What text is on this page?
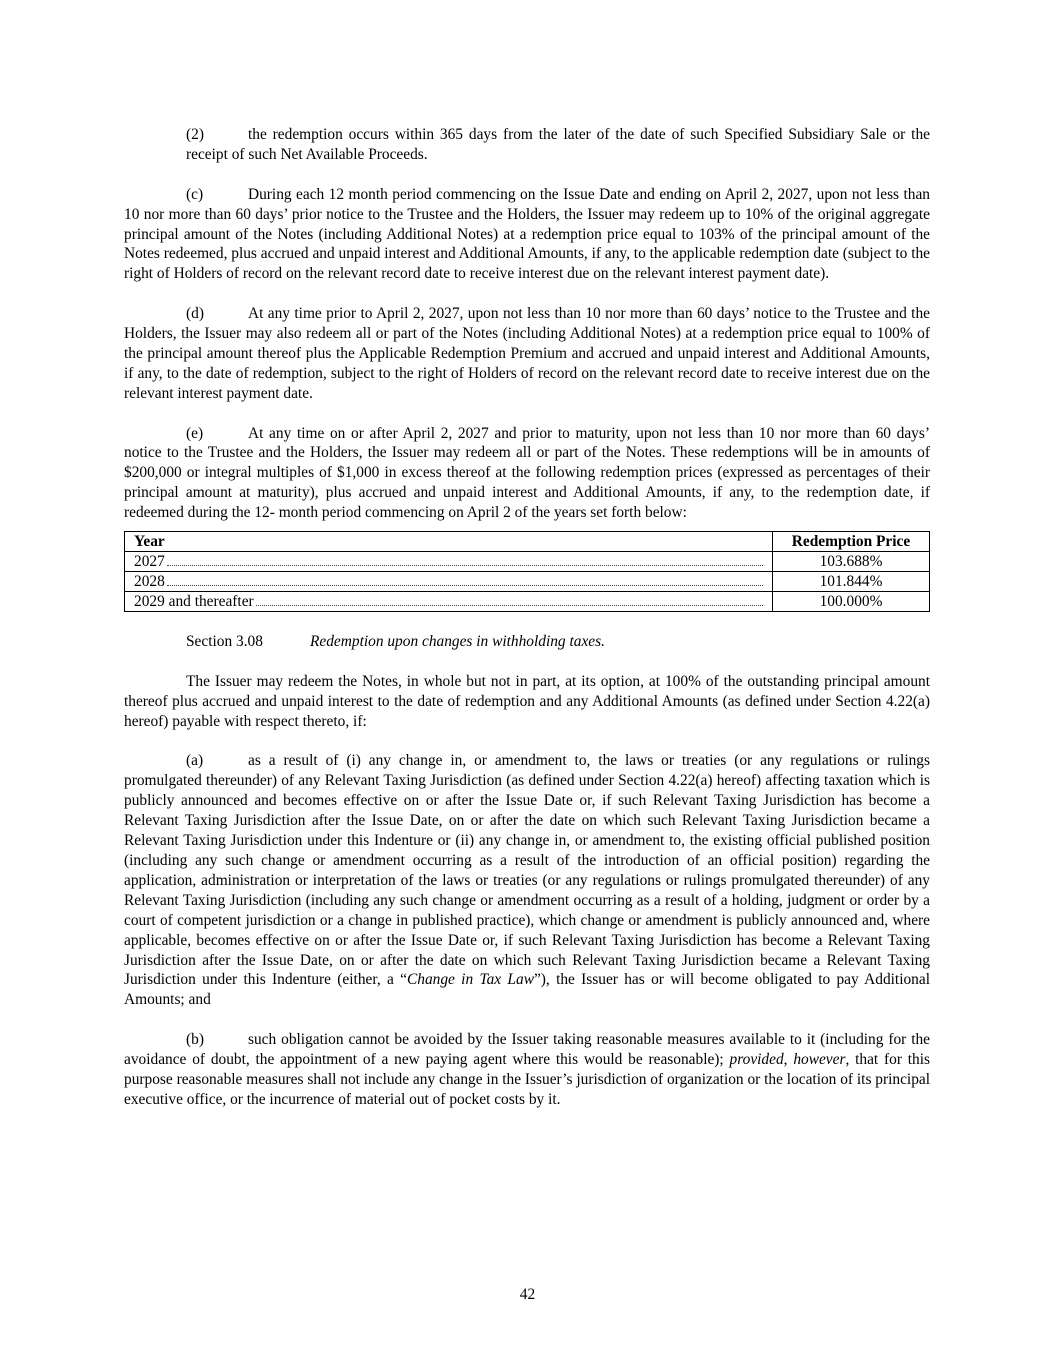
(2)	the redemption occurs within 365 days from the later of the date of such Specified Subsidiary Sale or the receipt of such Net Available Proceeds.

(c)	During each 12 month period commencing on the Issue Date and ending on April 2, 2027, upon not less than 10 nor more than 60 days’ prior notice to the Trustee and the Holders, the Issuer may redeem up to 10% of the original aggregate principal amount of the Notes (including Additional Notes) at a redemption price equal to 103% of the principal amount of the Notes redeemed, plus accrued and unpaid interest and Additional Amounts, if any, to the applicable redemption date (subject to the right of Holders of record on the relevant record date to receive interest due on the relevant interest payment date).

(d)	At any time prior to April 2, 2027, upon not less than 10 nor more than 60 days’ notice to the Trustee and the Holders, the Issuer may also redeem all or part of the Notes (including Additional Notes) at a redemption price equal to 100% of the principal amount thereof plus the Applicable Redemption Premium and accrued and unpaid interest and Additional Amounts, if any, to the date of redemption, subject to the right of Holders of record on the relevant record date to receive interest due on the relevant interest payment date.

(e)	At any time on or after April 2, 2027 and prior to maturity, upon not less than 10 nor more than 60 days’ notice to the Trustee and the Holders, the Issuer may redeem all or part of the Notes. These redemptions will be in amounts of $200,000 or integral multiples of $1,000 in excess thereof at the following redemption prices (expressed as percentages of their principal amount at maturity), plus accrued and unpaid interest and Additional Amounts, if any, to the redemption date, if redeemed during the 12- month period commencing on April 2 of the years set forth below:

Year	Redemption Price

2027	103.688%

2028	101.844%

2029 and thereafter	100.000%

Section 3.08	Redemption upon changes in withholding taxes.

The Issuer may redeem the Notes, in whole but not in part, at its option, at 100% of the outstanding principal amount thereof plus accrued and unpaid interest to the date of redemption and any Additional Amounts (as defined under Section 4.22(a) hereof) payable with respect thereto, if:

(a)	as a result of (i) any change in, or amendment to, the laws or treaties (or any regulations or rulings promulgated thereunder) of any Relevant Taxing Jurisdiction (as defined under Section 4.22(a) hereof) affecting taxation which is publicly announced and becomes effective on or after the Issue Date or, if such Relevant Taxing Jurisdiction has become a Relevant Taxing Jurisdiction after the Issue Date, on or after the date on which such Relevant Taxing Jurisdiction became a Relevant Taxing Jurisdiction under this Indenture or (ii) any change in, or amendment to, the existing official published position (including any such change or amendment occurring as a result of the introduction of an official position) regarding the application, administration or interpretation of the laws or treaties (or any regulations or rulings promulgated thereunder) of any Relevant Taxing Jurisdiction (including any such change or amendment occurring as a result of a holding, judgment or order by a court of competent jurisdiction or a change in published practice), which change or amendment is publicly announced and, where applicable, becomes effective on or after the Issue Date or, if such Relevant Taxing Jurisdiction has become a Relevant Taxing Jurisdiction after the Issue Date, on or after the date on which such Relevant Taxing Jurisdiction became a Relevant Taxing Jurisdiction under this Indenture (either, a “Change in Tax Law”), the Issuer has or will become obligated to pay Additional Amounts; and

(b)	such obligation cannot be avoided by the Issuer taking reasonable measures available to it (including for the avoidance of doubt, the appointment of a new paying agent where this would be reasonable); provided, however, that for this purpose reasonable measures shall not include any change in the Issuer’s jurisdiction of organization or the location of its principal executive office, or the incurrence of material out of pocket costs by it.

42
